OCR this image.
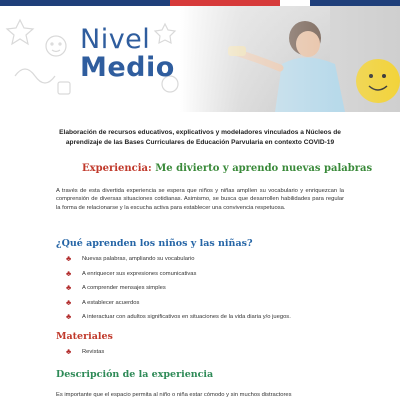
Nivel
Medio
Elaboración de recursos educativos, explicativos y modeladores vinculados a Núcleos de aprendizaje de las Bases Curriculares de Educación Parvularia en contexto COVID-19
Experiencia: Me divierto y aprendo nuevas palabras
A través de esta divertida experiencia se espera que niños y niñas amplíen su vocabulario y enriquezcan la comprensión de diversas situaciones cotidianas. Asimismo, se busca que desarrollen habilidades para regular la forma de relacionarse y la escucha activa para establecer una convivencia respetuosa.
¿Qué aprenden los niños y las niñas?
♣	Nuevas palabras, ampliando su vocabulario
♣	A enriquecer sus expresiones comunicativas
♣	A comprender mensajes simples
♣	A establecer acuerdos
♣	A interactuar con adultos significativos en situaciones de la vida diaria y/o juegos.
Materiales
♣	Revistas
Descripción de la experiencia
Es importante que el espacio permita al niño o niña estar cómodo y sin muchos distractores
